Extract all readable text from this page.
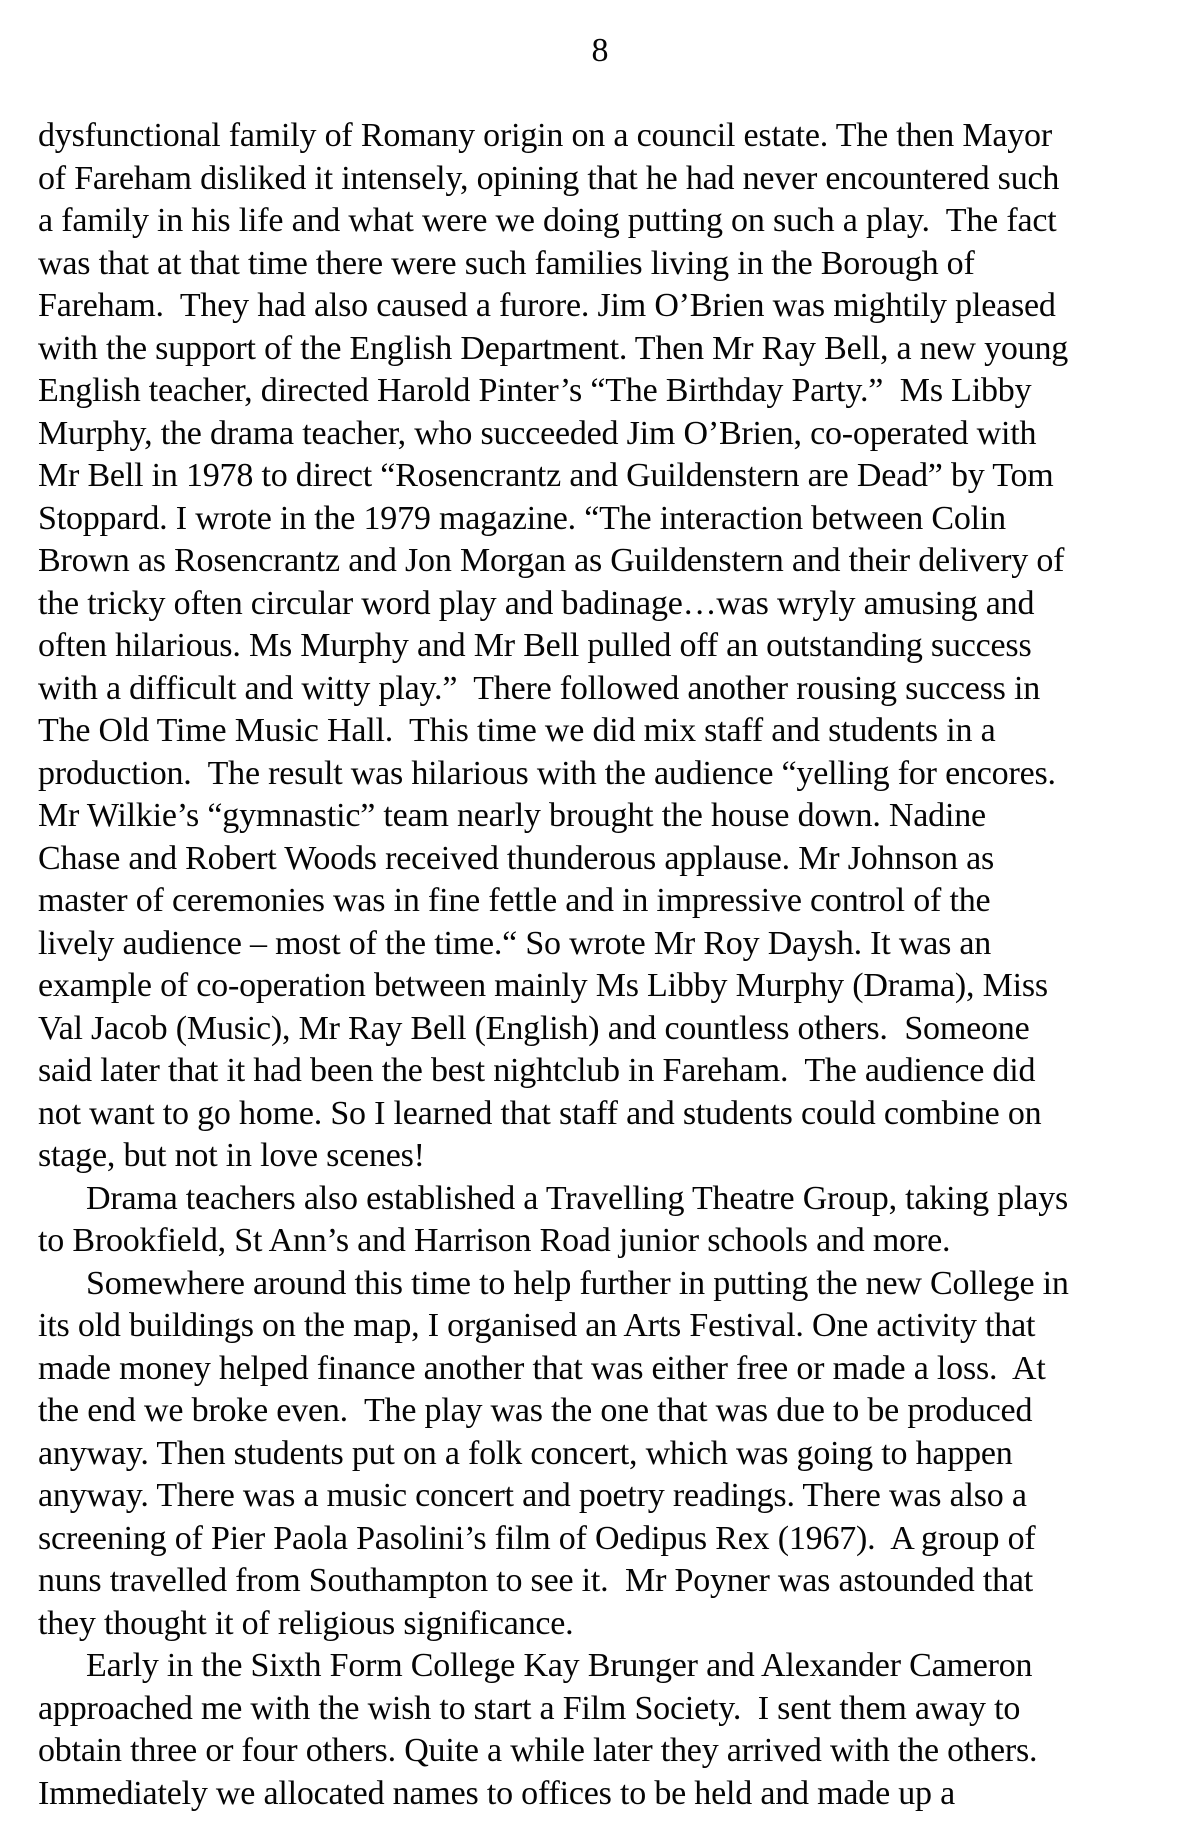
8
dysfunctional family of Romany origin on a council estate. The then Mayor
of Fareham disliked it intensely, opining that he had never encountered such
a family in his life and what were we doing putting on such a play.  The fact
was that at that time there were such families living in the Borough of
Fareham.  They had also caused a furore. Jim O’Brien was mightily pleased
with the support of the English Department. Then Mr Ray Bell, a new young
English teacher, directed Harold Pinter’s “The Birthday Party.”  Ms Libby
Murphy, the drama teacher, who succeeded Jim O’Brien, co-operated with
Mr Bell in 1978 to direct “Rosencrantz and Guildenstern are Dead” by Tom
Stoppard. I wrote in the 1979 magazine. “The interaction between Colin
Brown as Rosencrantz and Jon Morgan as Guildenstern and their delivery of
the tricky often circular word play and badinage…was wryly amusing and
often hilarious. Ms Murphy and Mr Bell pulled off an outstanding success
with a difficult and witty play.”  There followed another rousing success in
The Old Time Music Hall.  This time we did mix staff and students in a
production.  The result was hilarious with the audience “yelling for encores.
Mr Wilkie’s “gymnastic” team nearly brought the house down. Nadine
Chase and Robert Woods received thunderous applause. Mr Johnson as
master of ceremonies was in fine fettle and in impressive control of the
lively audience – most of the time.“ So wrote Mr Roy Daysh. It was an
example of co-operation between mainly Ms Libby Murphy (Drama), Miss
Val Jacob (Music), Mr Ray Bell (English) and countless others.  Someone
said later that it had been the best nightclub in Fareham.  The audience did
not want to go home. So I learned that staff and students could combine on
stage, but not in love scenes!
Drama teachers also established a Travelling Theatre Group, taking plays
to Brookfield, St Ann’s and Harrison Road junior schools and more.
Somewhere around this time to help further in putting the new College in
its old buildings on the map, I organised an Arts Festival. One activity that
made money helped finance another that was either free or made a loss.  At
the end we broke even.  The play was the one that was due to be produced
anyway. Then students put on a folk concert, which was going to happen
anyway. There was a music concert and poetry readings. There was also a
screening of Pier Paola Pasolini’s film of Oedipus Rex (1967).  A group of
nuns travelled from Southampton to see it.  Mr Poyner was astounded that
they thought it of religious significance.
Early in the Sixth Form College Kay Brunger and Alexander Cameron
approached me with the wish to start a Film Society.  I sent them away to
obtain three or four others. Quite a while later they arrived with the others.
Immediately we allocated names to offices to be held and made up a
